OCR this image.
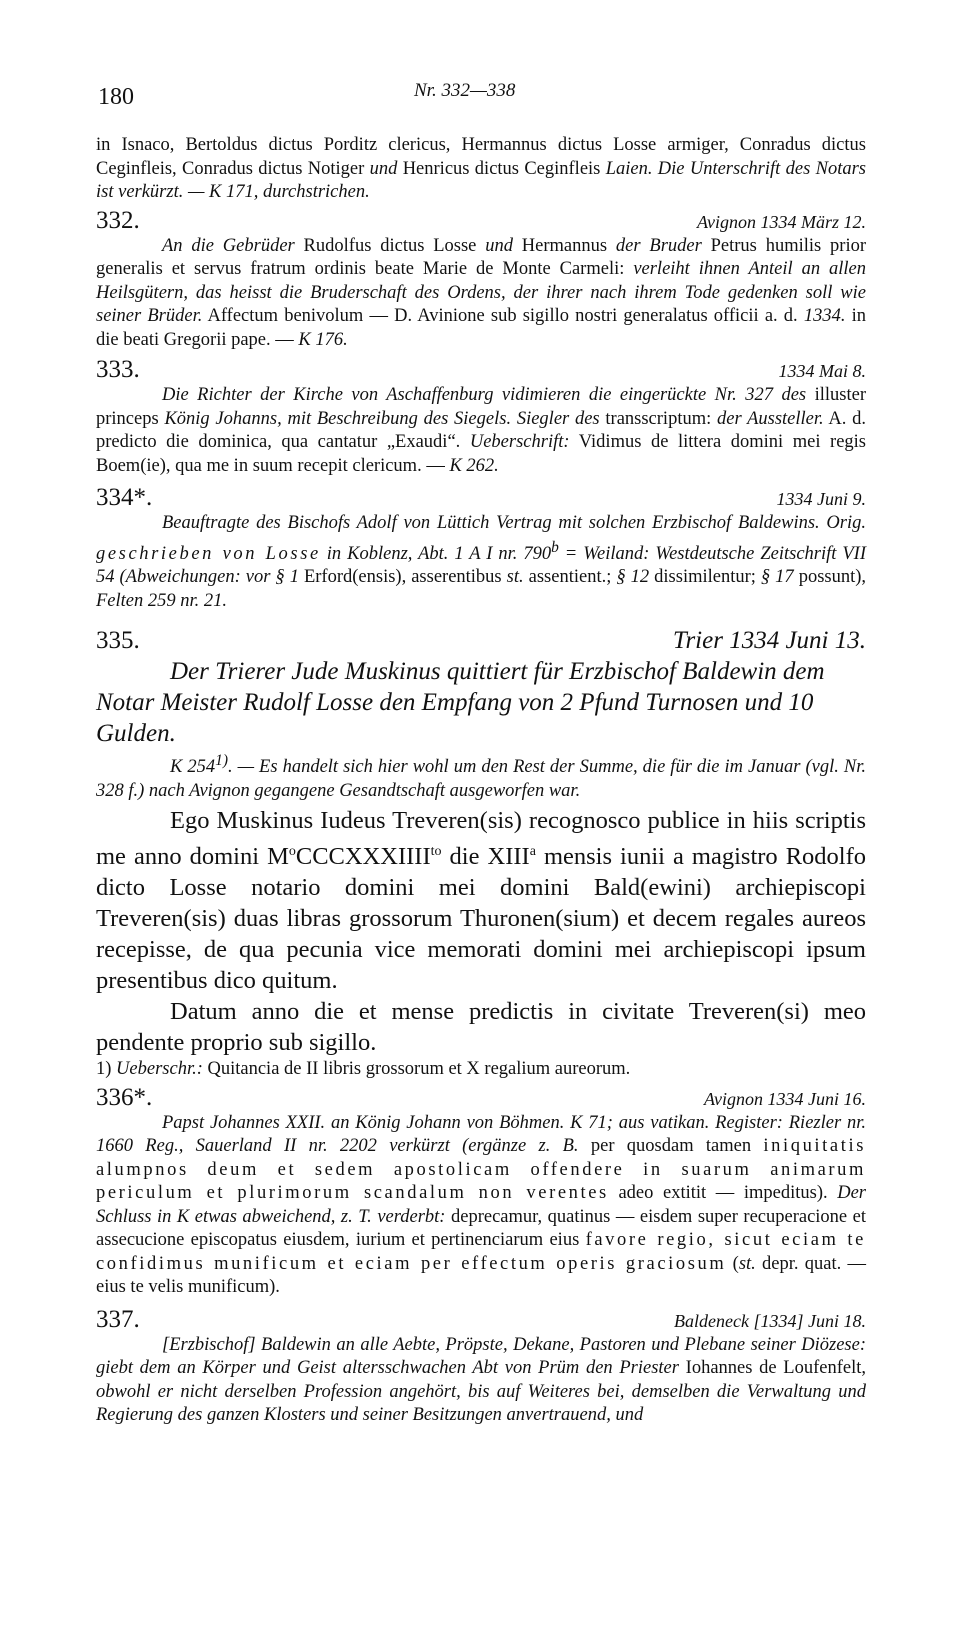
180	Nr. 332—338

in Isnaco, Bertoldus dictus Porditz clericus, Hermannus dictus Losse armiger, Conradus dictus Ceginfleis, Conradus dictus Notiger und Henricus dictus Ceginfleis Laien. Die Unterschrift des Notars ist verkürzt. — K 171, durchstrichen.

332.	Avignon 1334 März 12.

An die Gebrüder Rudolfus dictus Losse und Hermannus der Bruder Petrus humilis prior generalis et servus fratrum ordinis beate Marie de Monte Carmeli: verleiht ihnen Anteil an allen Heilsgütern, das heisst die Bruderschaft des Ordens, der ihrer nach ihrem Tode gedenken soll wie seiner Brüder. Affectum benivolum — D. Avinione sub sigillo nostri generalatus officii a. d. 1334. in die beati Gregorii pape. — K 176.

333.	1334 Mai 8.

Die Richter der Kirche von Aschaffenburg vidimieren die eingerückte Nr. 327 des illuster princeps König Johanns, mit Beschreibung des Siegels. Siegler des transscriptum: der Aussteller. A. d. predicto die dominica, qua cantatur „Exaudi“. Ueberschrift: Vidimus de littera domini mei regis Boem(ie), qua me in suum recepit clericum. — K 262.

334*.	1334 Juni 9.

Beauftragte des Bischofs Adolf von Lüttich Vertrag mit solchen Erzbischof Baldewins. Orig. geschrieben von Losse in Koblenz, Abt. 1 A I nr. $790^b$ = Weiland: Westdeutsche Zeitschrift VII 54 (Abweichungen: vor § 1 Erford(ensis), asserentibus st. assentient.; § 12 dissimilentur; § 17 possunt), Felten 259 nr. 21.

335.	Trier 1334 Juni 13.

Der Trierer Jude Muskinus quittiert für Erzbischof Baldewin dem Notar Meister Rudolf Losse den Empfang von 2 Pfund Turnosen und 10 Gulden.

K 254$^{1)}$. — Es handelt sich hier wohl um den Rest der Summe, die für die im Januar (vgl. Nr. 328 f.) nach Avignon gegangene Gesandtschaft ausgeworfen war.

Ego Muskinus Iudeus Treveren(sis) recognosco publice in hiis scriptis me anno domini $M^oCCCXXXIIII^{to}$ die XIII$^a$ mensis iunii a magistro Rodolfo dicto Losse notario domini mei domini Bald(ewini) archiepiscopi Treveren(sis) duas libras grossorum Thuronen(sium) et decem regales aureos recepisse, de qua pecunia vice memorati domini mei archiepiscopi ipsum presentibus dico quitum.

Datum anno die et mense predictis in civitate Treveren(si) meo pendente proprio sub sigillo.

1) Ueberschr.: Quitancia de II libris grossorum et X regalium aureorum.

336*.	Avignon 1334 Juni 16.

Papst Johannes XXII. an König Johann von Böhmen. K 71; aus vatikan. Register: Riezler nr. 1660 Reg., Sauerland II nr. 2202 verkürzt (ergänze z. B. per quosdam tamen iniquitatis alumpnos deum et sedem apostolicam offendere in suarum animarum periculum et plurimorum scandalum non verentes adeo extitit — impeditus). Der Schluss in K etwas abweichend, z. T. verderbt: deprecamur, quatinus — eisdem super recuperacione et assecucione episcopatus eiusdem, iurium et pertinenciarum eius favore regio, sicut eciam te confidimus munificum et eciam per effectum operis graciosum (st. depr. quat. — eius te velis munificum).

337.	Baldeneck [1334] Juni 18.

[Erzbischof] Baldewin an alle Aebte, Pröpste, Dekane, Pastoren und Plebane seiner Diözese: giebt dem an Körper und Geist altersschwachen Abt von Prüm den Priester Iohannes de Loufenfelt, obwohl er nicht derselben Profession angehört, bis auf Weiteres bei, demselben die Verwaltung und Regierung des ganzen Klosters und seiner Besitzungen anvertrauend, und
